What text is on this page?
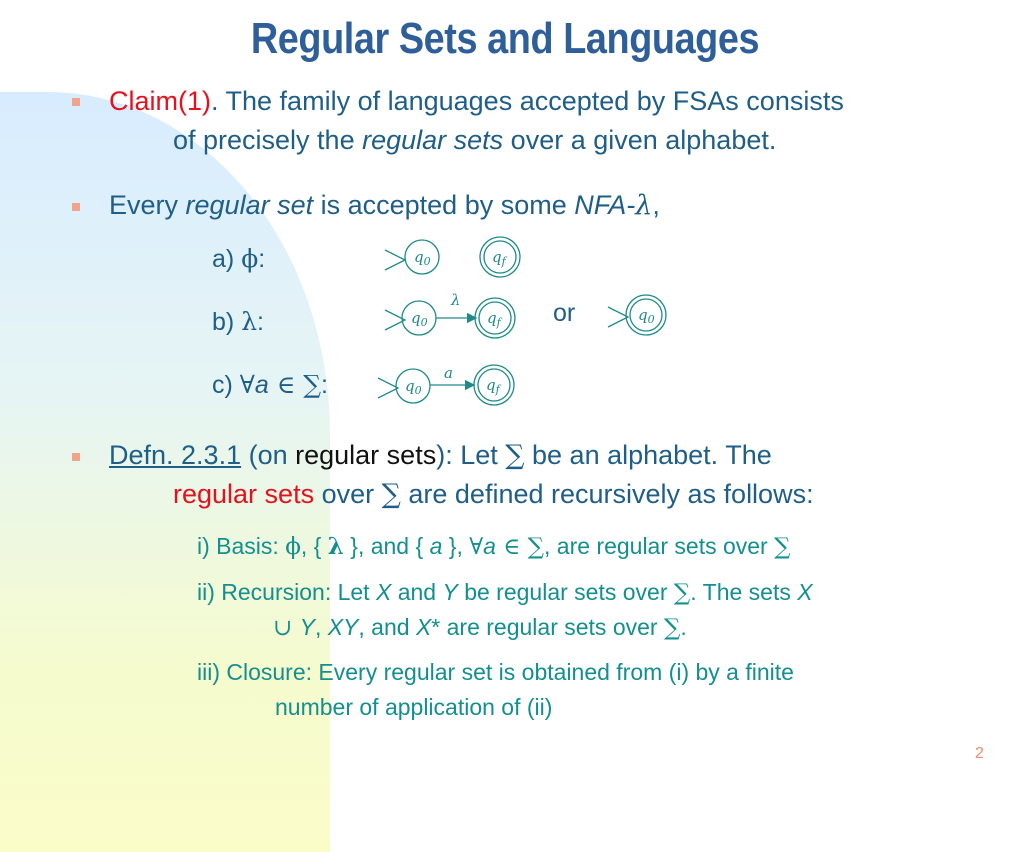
Regular Sets and Languages
Claim(1). The family of languages accepted by FSAs consists
of precisely the regular sets over a given alphabet.
Every regular set is accepted by some NFA-λ,
a) ϕ:
b) λ:
c) ∀a ∈ ∑:
or
$q_0$	$q_f$
$q_0$
λ
$q_f$	$q_0$
$q_0$
a
$q_f$
Defn. 2.3.1 (on regular sets): Let ∑ be an alphabet. The
regular sets over ∑ are defined recursively as follows:
i) Basis: ϕ, { λ }, and { a }, ∀a ∈ ∑, are regular sets over ∑
ii) Recursion: Let X and Y be regular sets over ∑. The sets X
∪ Y, XY, and X* are regular sets over ∑.
iii) Closure: Every regular set is obtained from (i) by a finite
number of application of (ii)
2
